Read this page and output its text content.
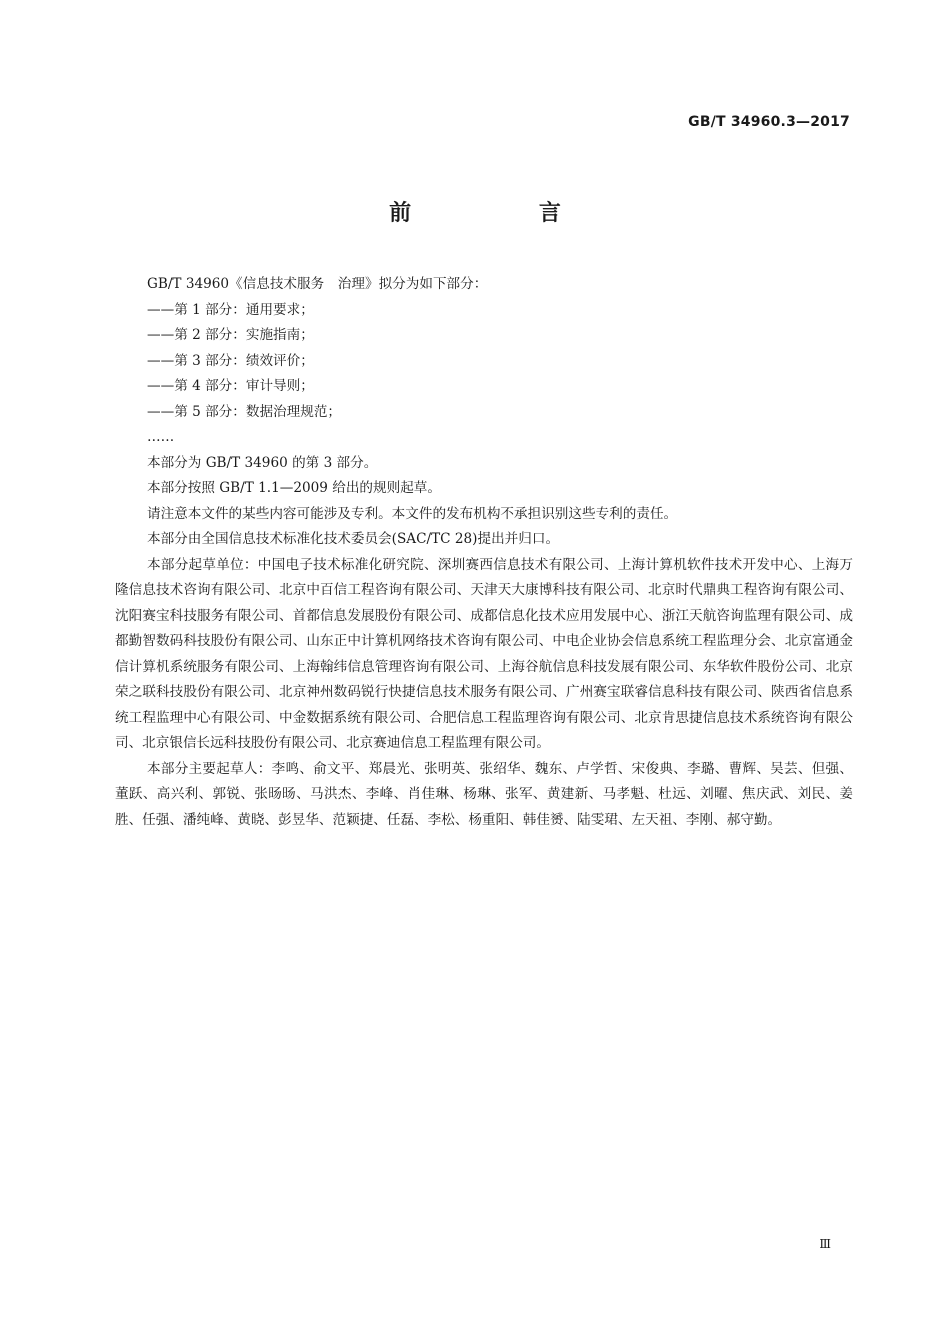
GB/T 34960.3—2017
前 言

GB/T 34960《信息技术服务　治理》拟分为如下部分：

——第 1 部分：通用要求；
——第 2 部分：实施指南；
——第 3 部分：绩效评价；
——第 4 部分：审计导则；
——第 5 部分：数据治理规范；
……

本部分为 GB/T 34960 的第 3 部分。

本部分按照 GB/T 1.1—2009 给出的规则起草。

请注意本文件的某些内容可能涉及专利。本文件的发布机构不承担识别这些专利的责任。

本部分由全国信息技术标准化技术委员会(SAC/TC 28)提出并归口。

本部分起草单位：中国电子技术标准化研究院、深圳赛西信息技术有限公司、上海计算机软件技术开发中心、上海万隆信息技术咨询有限公司、北京中百信工程咨询有限公司、天津天大康博科技有限公司、北京时代鼎典工程咨询有限公司、沈阳赛宝科技服务有限公司、首都信息发展股份有限公司、成都信息化技术应用发展中心、浙江天航咨询监理有限公司、成都勤智数码科技股份有限公司、山东正中计算机网络技术咨询有限公司、中电企业协会信息系统工程监理分会、北京富通金信计算机系统服务有限公司、上海翰纬信息管理咨询有限公司、上海谷航信息科技发展有限公司、东华软件股份公司、北京荣之联科技股份有限公司、北京神州数码锐行快捷信息技术服务有限公司、广州赛宝联睿信息科技有限公司、陕西省信息系统工程监理中心有限公司、中金数据系统有限公司、合肥信息工程监理咨询有限公司、北京肯思捷信息技术系统咨询有限公司、北京银信长远科技股份有限公司、北京赛迪信息工程监理有限公司。

本部分主要起草人：李鸣、俞文平、郑晨光、张明英、张绍华、魏东、卢学哲、宋俊典、李璐、曹辉、吴芸、但强、董跃、高兴利、郭锐、张旸旸、马洪杰、李峰、肖佳琳、杨琳、张军、黄建新、马孝魁、杜远、刘曜、焦庆武、刘民、姜胜、任强、潘纯峰、黄晓、彭昱华、范颖捷、任磊、李松、杨重阳、韩佳赟、陆雯珺、左天祖、李刚、郝守勤。

Ⅲ
